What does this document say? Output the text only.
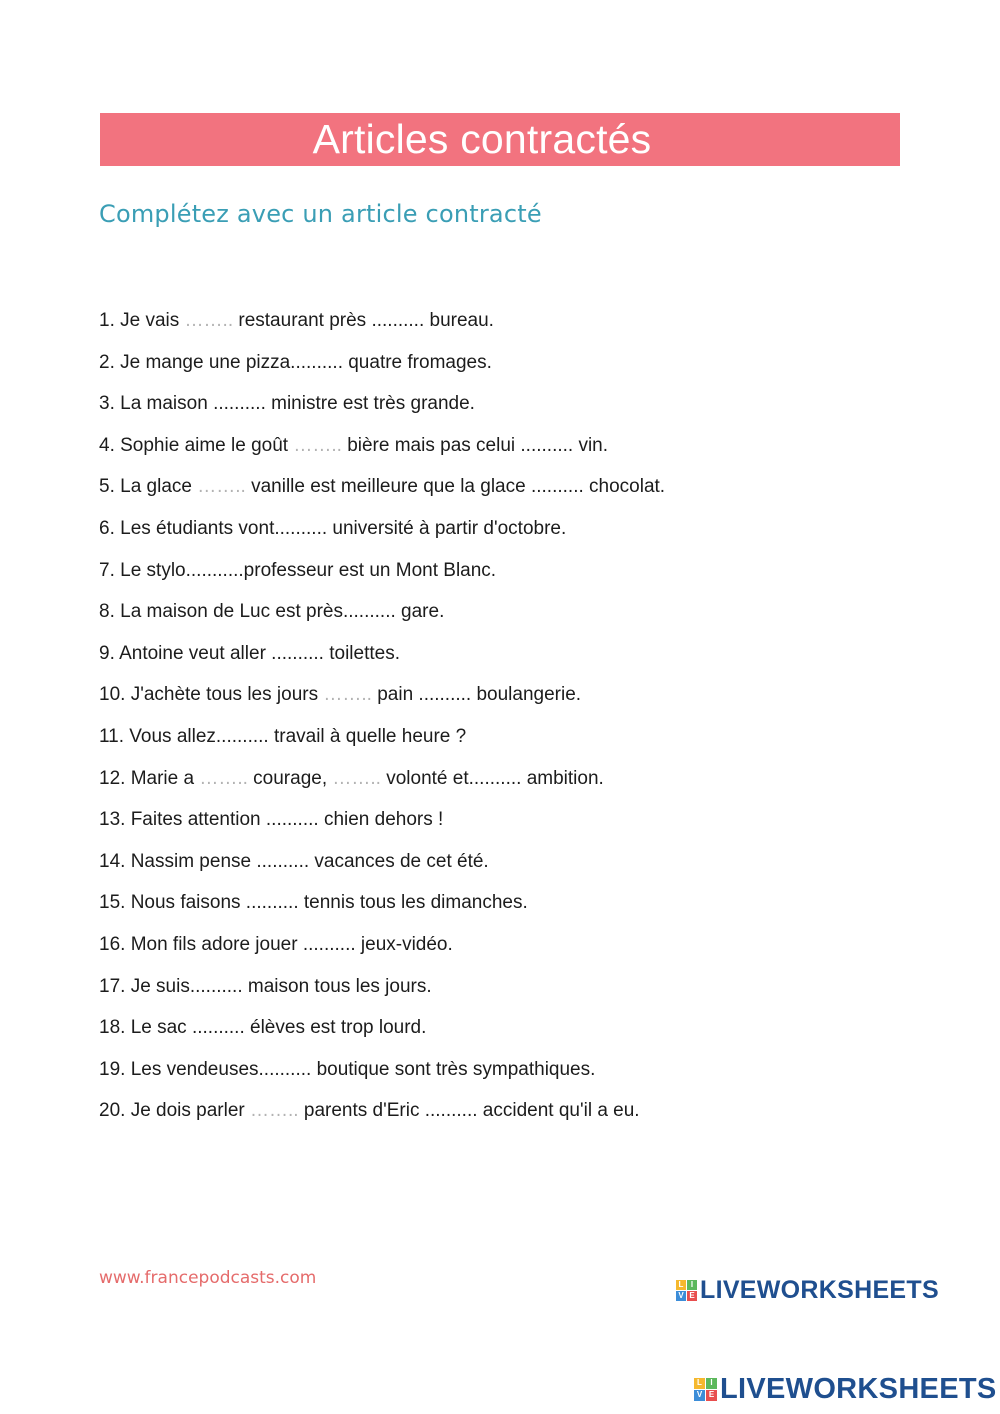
Articles contractés
Complétez avec un article contracté
1. Je vais …….. restaurant près .......... bureau.
2. Je mange une pizza.......... quatre fromages.
3. La maison .......... ministre est très grande.
4. Sophie aime le goût …….. bière mais pas celui .......... vin.
5. La glace …….. vanille est meilleure que la glace .......... chocolat.
6. Les étudiants vont.......... université à partir d'octobre.
7. Le stylo...........professeur est un Mont Blanc.
8. La maison de Luc est près.......... gare.
9. Antoine veut aller .......... toilettes.
10. J'achète tous les jours …….. pain .......... boulangerie.
11. Vous allez.......... travail à quelle heure ?
12. Marie a …….. courage, …….. volonté et.......... ambition.
13. Faites attention .......... chien dehors !
14. Nassim pense .......... vacances de cet été.
15. Nous faisons .......... tennis tous les dimanches.
16. Mon fils adore jouer .......... jeux-vidéo.
17. Je suis.......... maison tous les jours.
18. Le sac .......... élèves est trop lourd.
19. Les vendeuses.......... boutique sont très sympathiques.
20. Je dois parler …….. parents d'Eric .......... accident qu'il a eu.
www.francepodcasts.com	L I
V E LIVEWORKSHEETS
L	I
V E LIVEWORKSHEETS
